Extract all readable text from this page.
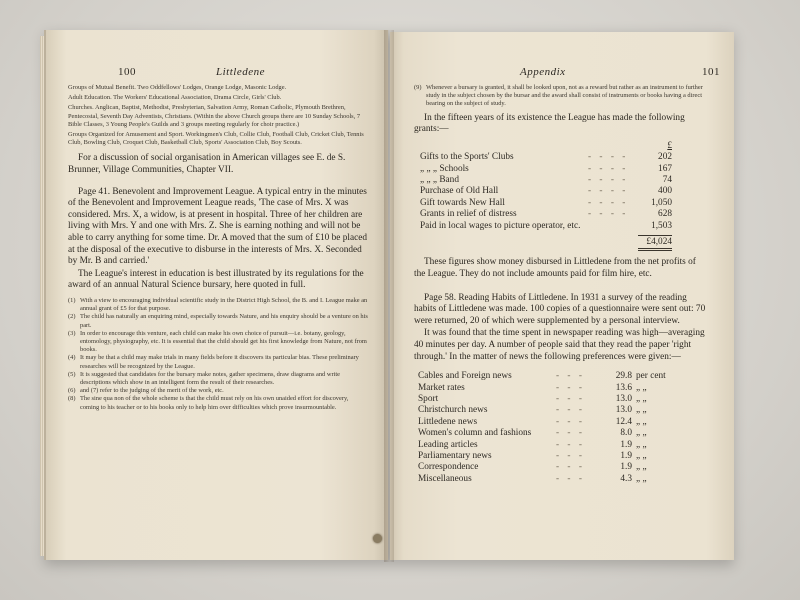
100	Littledene

Groups of Mutual Benefit. Two Oddfellows' Lodges, Orange Lodge, Masonic Lodge.

Adult Education. The Workers' Educational Association, Drama Circle, Girls' Club.

Churches. Anglican, Baptist, Methodist, Presbyterian, Salvation Army, Roman Catholic, Plymouth Brethren, Pentecostal, Seventh Day Adventists, Christians. (Within the above Church groups there are 10 Sunday Schools, 7 Bible Classes, 3 Young People's Guilds and 3 groups meeting regularly for choir practice.)

Groups Organized for Amusement and Sport. Workingmen's Club, Collie Club, Football Club, Cricket Club, Tennis Club, Bowling Club, Croquet Club, Basketball Club, Sports' Association Club, Boy Scouts.

For a discussion of social organisation in American villages see E. de S. Brunner, Village Communities, Chapter VII.

Page 41. Benevolent and Improvement League. A typical entry in the minutes of the Benevolent and Improvement League reads, 'The case of Mrs. X was considered. Mrs. X, a widow, is at present in hospital. Three of her children are living with Mrs. Y and one with Mrs. Z. She is earning nothing and will not be able to carry anything for some time. Dr. A moved that the sum of £10 be placed at the disposal of the executive to disburse in the interests of Mrs. X. Seconded by Mr. B and carried.'

The League's interest in education is best illustrated by its regulations for the award of an annual Natural Science bursary, here quoted in full.

(1) With a view to encouraging individual scientific study in the District High School, the B. and I. League make an annual grant of £5 for that purpose.
(2) The child has naturally an enquiring mind, especially towards Nature, and his enquiry should be a venture on his part.
(3) In order to encourage this venture, each child can make his own choice of pursuit—i.e. botany, geology, entomology, physiography, etc. It is essential that the child should get his first knowledge from Nature, not from books.
(4) It may be that a child may make trials in many fields before it discovers its particular bias. These preliminary researches will be recognized by the League.
(5) It is suggested that candidates for the bursary make notes, gather specimens, draw diagrams and write descriptions which show in an intelligent form the result of their researches.
(6) and (7) refer to the judging of the merit of the work, etc.
(8) The sine qua non of the whole scheme is that the child must rely on his own unaided effort for discovery, coming to his teacher or to his books only to help him over difficulties which prove insurmountable.
Appendix	101
(9) Whenever a bursary is granted, it shall be looked upon, not as a reward but rather as an instrument to further study in the subject chosen by the bursar and the award shall consist of instruments or books having a direct bearing on the subject of study.

In the fifteen years of its existence the League has made the following grants:—

£
Gifts to the Sports' Clubs	- - - -	202
„ „ „ Schools	- - - -	167
„ „ „ Band	- - - -	74
Purchase of Old Hall	- - - -	400
Gift towards New Hall	- - - -	1,050
Grants in relief of distress	- - - -	628
Paid in local wages to picture operator, etc.	1,503
£4,024

These figures show money disbursed in Littledene from the net profits of the League. They do not include amounts paid for film hire, etc.

Page 58. Reading Habits of Littledene. In 1931 a survey of the reading habits of Littledene was made. 100 copies of a questionnaire were sent out: 70 were returned, 20 of which were supplemented by a personal interview.

It was found that the time spent in newspaper reading was high—averaging 40 minutes per day. A number of people said that they read the paper 'right through.' In the matter of news the following preferences were given:—

Cables and Foreign news	- - -	29.8 per cent
Market rates	- - -	13.6 „ „
Sport	- - -	13.0 „ „
Christchurch news	- - -	13.0 „ „
Littledene news	- - -	12.4 „ „
Women's column and fashions	- - -	8.0 „ „
Leading articles	- - -	1.9 „ „
Parliamentary news	- - -	1.9 „ „
Correspondence	- - -	1.9 „ „
Miscellaneous	- - -	4.3 „ „
